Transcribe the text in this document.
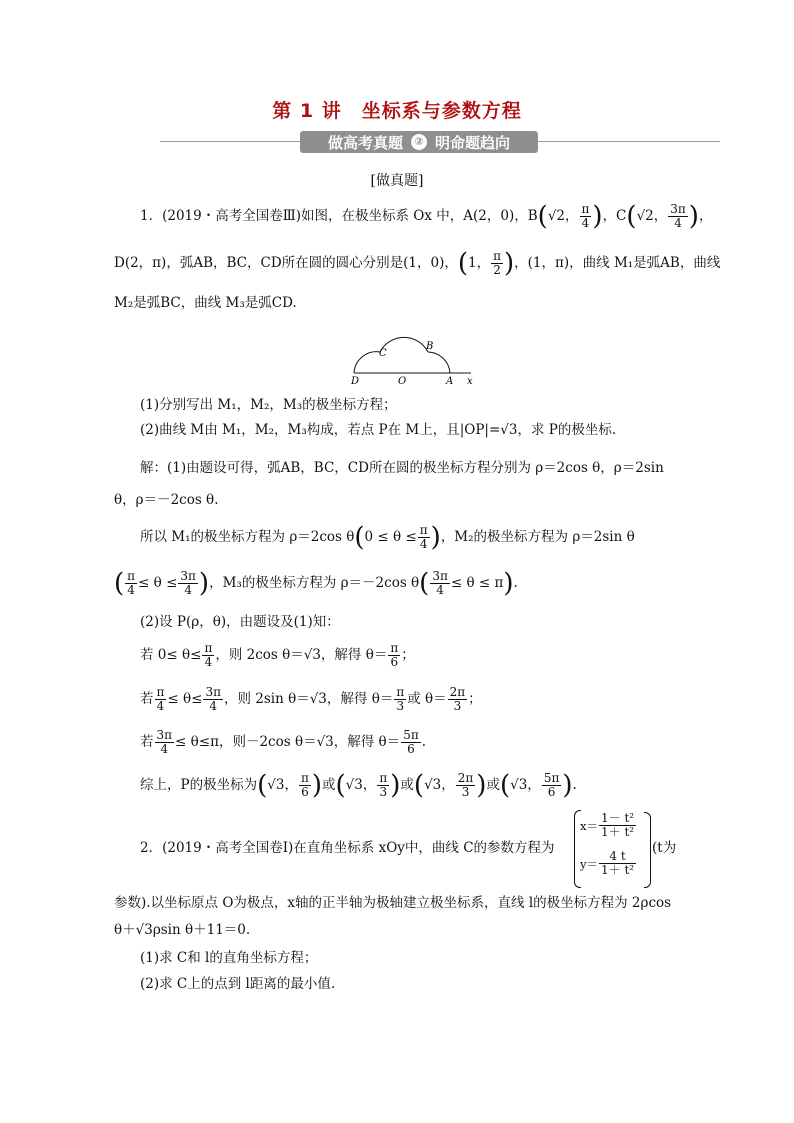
第 1 讲　坐标系与参数方程
做高考真题	② 明命题趋向
[做真题]
1．(2019・高考全国卷Ⅲ)如图，在极坐标系 Ox 中，A(2，0)，B(√2， $\frac{\pi}{4}$ )，C(√2， $\frac{3\pi}{4}$ )，
D(2，π)，弧AB，BC，CD所在圆的圆心分别是(1，0)，(1， $\frac{\pi}{2}$ )，(1，π)，曲线 M₁是弧AB，曲线
M₂是弧BC，曲线 M₃是弧CD.
D	O	A x
C
B
(1)分别写出 M₁，M₂，M₃的极坐标方程；
(2)曲线 M由 M₁，M₂，M₃构成，若点 P在 M上，且|OP|=√3，求 P的极坐标.
解：(1)由题设可得，弧AB，BC，CD所在圆的极坐标方程分别为 ρ＝2cos θ，ρ＝2sin
θ，ρ＝－2cos θ.
所以 M₁的极坐标方程为 ρ＝2cos $\theta(0 \le \theta \le \frac{\pi}{4}$ )，M₂的极坐标方程为 ρ＝2sin θ
( $\frac{\pi}{4} \le \theta \le \frac{3\pi}{4}$ )，M₃的极坐标方程为 ρ＝－2cos $\theta( \frac{3\pi}{4} \le \theta \le \pi)$.
(2)设 P(ρ，θ)，由题设及(1)知：
若 $0\le \theta\le \frac{\pi}{4}$ ，则 2cos θ＝√3，解得 $\theta= \frac{\pi}{6}$ ；
若 $\frac{\pi}{4} \le \theta\le \frac{3\pi}{4}$ ，则 2sin θ＝√3，解得 $\theta= \frac{\pi}{3}$ 或 $\theta= \frac{2\pi}{3}$ ；
若 $\frac{3\pi}{4} \le \theta\le\pi$，则－2cos θ＝√3，解得 $\theta= \frac{5\pi}{6}$ .
综上，P的极坐标为(√3， $\frac{\pi}{6}$ )或(√3， $\frac{\pi}{3}$ )或(√3， $\frac{2\pi}{3}$ )或(√3， $\frac{5\pi}{6}$ ).
2．(2019・高考全国卷Ⅰ)在直角坐标系 xOy中，曲线 C的参数方程为
$x= \frac{\text{1－ t²}}{\text{1＋ t²}}$
$y= \frac{4 t}{\text{1＋ t²}}$
(t为
参数).以坐标原点 O为极点，x轴的正半轴为极轴建立极坐标系，直线 l的极坐标方程为 2ρcos
θ＋√3ρsin θ＋11＝0.
(1)求 C和 l的直角坐标方程；
(2)求 C上的点到 l距离的最小值.
